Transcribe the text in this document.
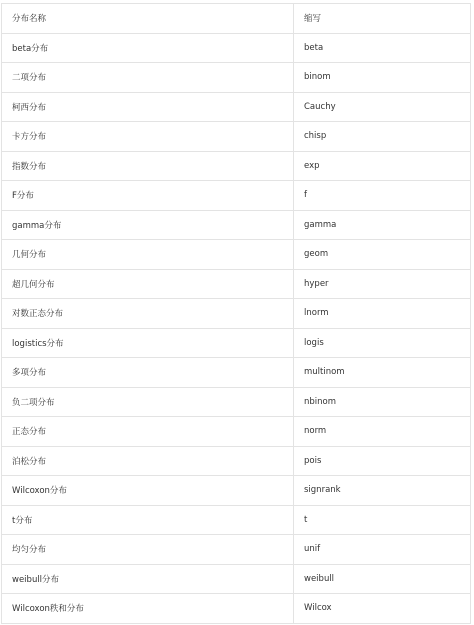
分布名称	缩写
beta分布	beta
二项分布	binom
柯西分布	Cauchy
卡方分布	chisp
指数分布	exp
F分布	f
gamma分布	gamma
几何分布	geom
超几何分布	hyper
对数正态分布	lnorm
logistics分布	logis
多项分布	multinom
负二项分布	nbinom
正态分布	norm
泊松分布	pois
Wilcoxon分布	signrank
t分布	t
均匀分布	unif
weibull分布	weibull
Wilcoxon秩和分布	Wilcox
